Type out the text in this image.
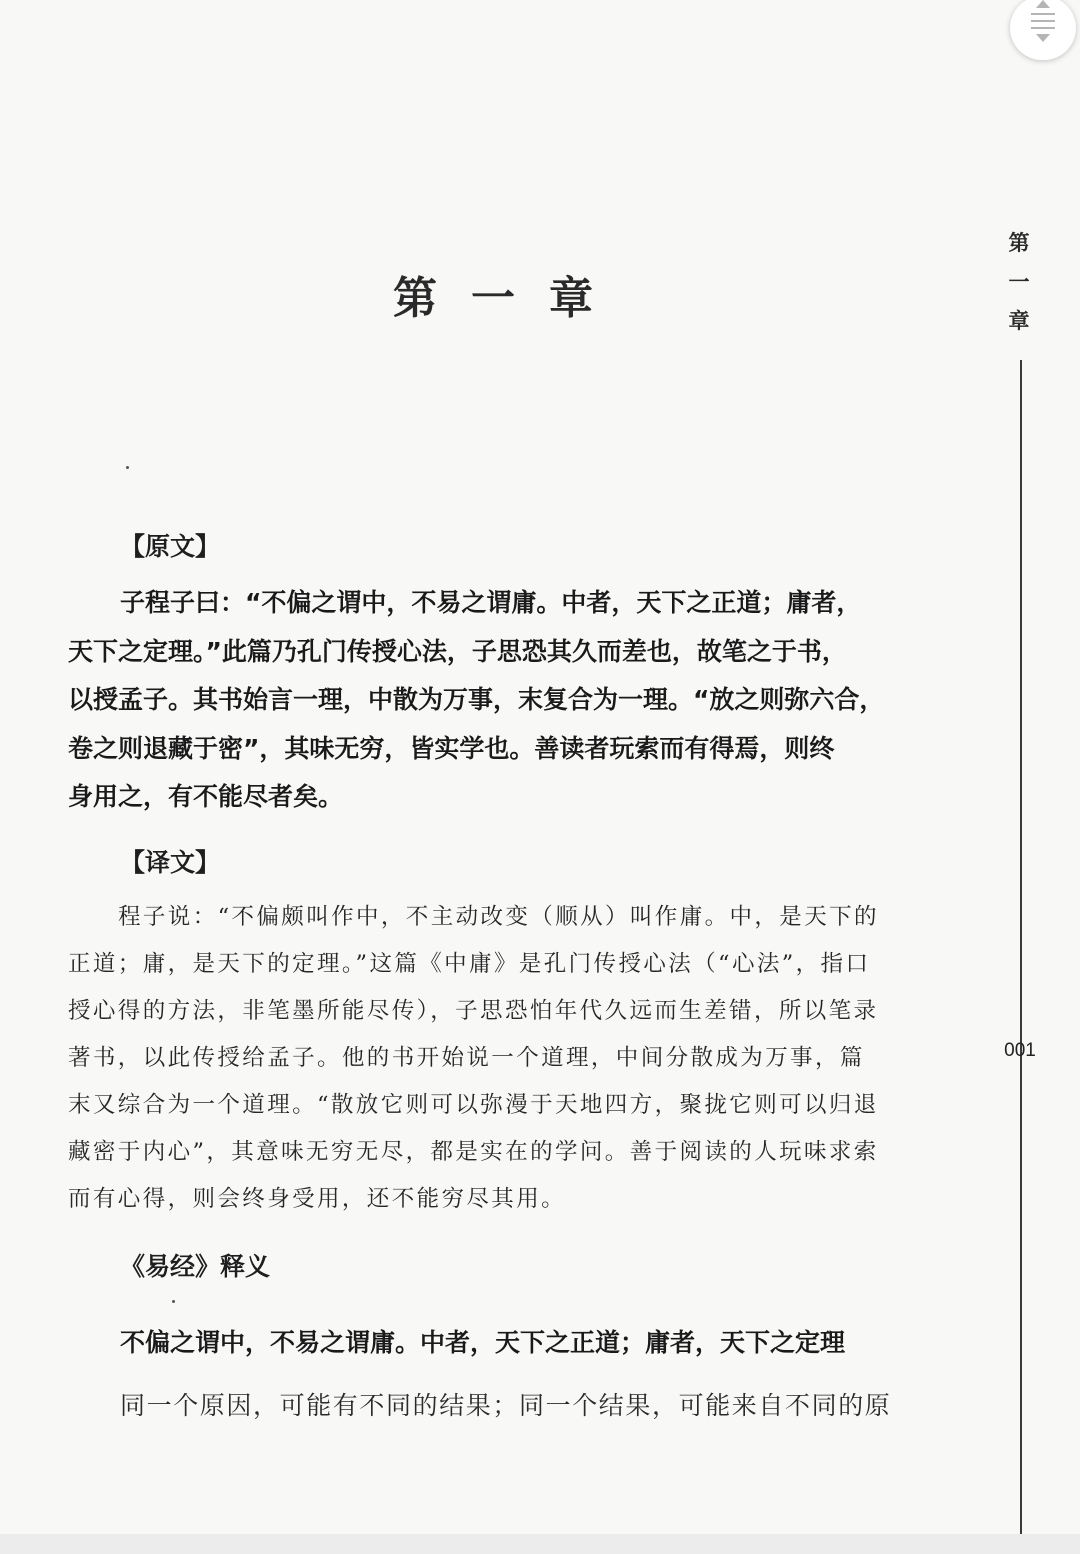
第一章
第
一
章
001
【原文】
子程子曰：“不偏之谓中，不易之谓庸。中者，天下之正道；庸者，
天下之定理。”此篇乃孔门传授心法，子思恐其久而差也，故笔之于书，
以授孟子。其书始言一理，中散为万事，末复合为一理。“放之则弥六合，
卷之则退藏于密”，其味无穷，皆实学也。善读者玩索而有得焉，则终
身用之，有不能尽者矣。
【译文】
程子说：“不偏颇叫作中，不主动改变（顺从）叫作庸。中，是天下的
正道；庸，是天下的定理。”这篇《中庸》是孔门传授心法（“心法”，指口
授心得的方法，非笔墨所能尽传），子思恐怕年代久远而生差错，所以笔录
著书，以此传授给孟子。他的书开始说一个道理，中间分散成为万事，篇
末又综合为一个道理。“散放它则可以弥漫于天地四方，聚拢它则可以归退
藏密于内心”，其意味无穷无尽，都是实在的学问。善于阅读的人玩味求索
而有心得，则会终身受用，还不能穷尽其用。
《易经》释义
不偏之谓中，不易之谓庸。中者，天下之正道；庸者，天下之定理
同一个原因，可能有不同的结果；同一个结果，可能来自不同的原
